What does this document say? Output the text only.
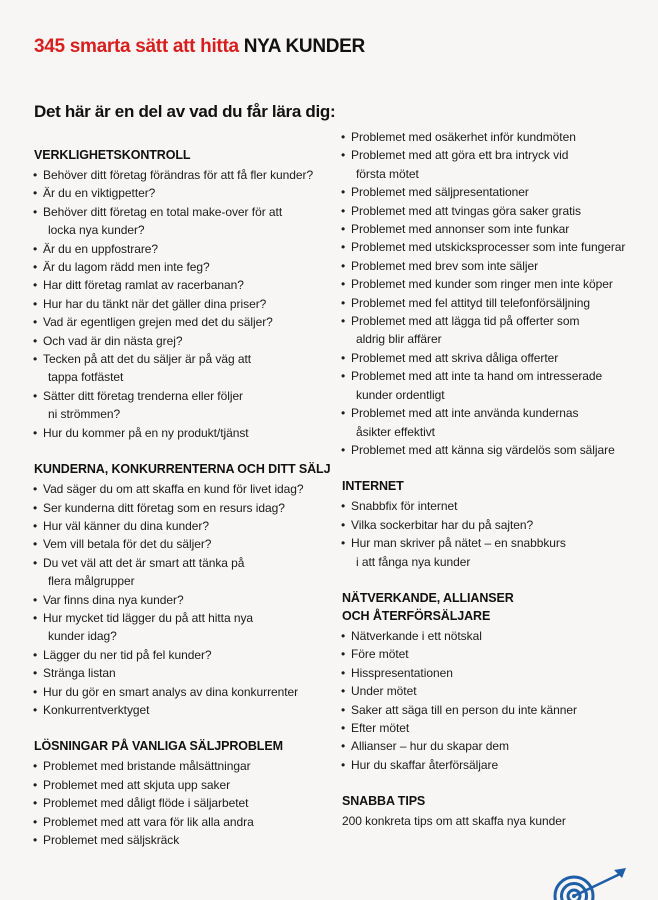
345 smarta sätt att hitta NYA KUNDER
Det här är en del av vad du får lära dig:
VERKLIGHETSKONTROLL
• Behöver ditt företag förändras för att få fler kunder?
• Är du en viktigpetter?
• Behöver ditt företag en total make-over för att
locka nya kunder?
• Är du en uppfostrare?
• Är du lagom rädd men inte feg?
• Har ditt företag ramlat av racerbanan?
• Hur har du tänkt när det gäller dina priser?
• Vad är egentligen grejen med det du säljer?
• Och vad är din nästa grej?
• Tecken på att det du säljer är på väg att
tappa fotfästet
• Sätter ditt företag trenderna eller följer
ni strömmen?
• Hur du kommer på en ny produkt/tjänst
KUNDERNA, KONKURRENTERNA OCH DITT SÄLJ
• Vad säger du om att skaffa en kund för livet idag?
• Ser kunderna ditt företag som en resurs idag?
• Hur väl känner du dina kunder?
• Vem vill betala för det du säljer?
• Du vet väl att det är smart att tänka på
flera målgrupper
• Var finns dina nya kunder?
• Hur mycket tid lägger du på att hitta nya
kunder idag?
• Lägger du ner tid på fel kunder?
• Stränga listan
• Hur du gör en smart analys av dina konkurrenter
• Konkurrentverktyget
LÖSNINGAR PÅ VANLIGA SÄLJPROBLEM
• Problemet med bristande målsättningar
• Problemet med att skjuta upp saker
• Problemet med dåligt flöde i säljarbetet
• Problemet med att vara för lik alla andra
• Problemet med säljskräck
• Problemet med osäkerhet inför kundmöten
• Problemet med att göra ett bra intryck vid
första mötet
• Problemet med säljpresentationer
• Problemet med att tvingas göra saker gratis
• Problemet med annonser som inte funkar
• Problemet med utskicksprocesser som inte fungerar
• Problemet med brev som inte säljer
• Problemet med kunder som ringer men inte köper
• Problemet med fel attityd till telefonförsäljning
• Problemet med att lägga tid på offerter som
aldrig blir affärer
• Problemet med att skriva dåliga offerter
• Problemet med att inte ta hand om intresserade
kunder ordentligt
• Problemet med att inte använda kundernas
åsikter effektivt
• Problemet med att känna sig värdelös som säljare
INTERNET
• Snabbfix för internet
• Vilka sockerbitar har du på sajten?
• Hur man skriver på nätet – en snabbkurs
i att fånga nya kunder
NÄTVERKANDE, ALLIANSER
OCH ÅTERFÖRSÄLJARE
• Nätverkande i ett nötskal
• Före mötet
• Hisspresentationen
• Under mötet
• Saker att säga till en person du inte känner
• Efter mötet
• Allianser – hur du skapar dem
• Hur du skaffar återförsäljare
SNABBA TIPS
200 konkreta tips om att skaffa nya kunder
